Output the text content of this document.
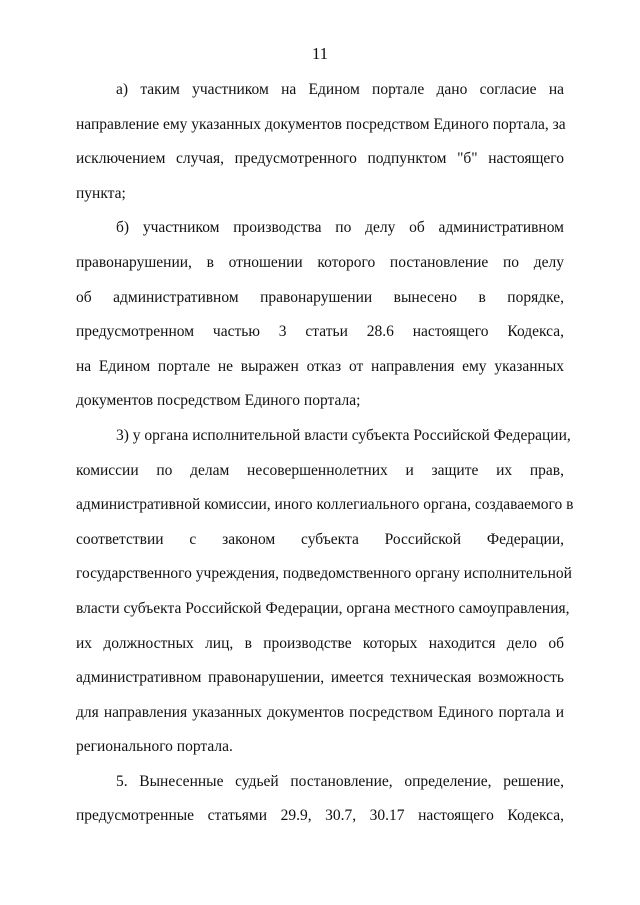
11
а) таким участником на Едином портале дано согласие на
направление ему указанных документов посредством Единого портала, за
исключением случая, предусмотренного подпунктом "б" настоящего
пункта;
б) участником производства по делу об административном
правонарушении, в отношении которого постановление по делу
об административном правонарушении вынесено в порядке,
предусмотренном частью 3 статьи 28.6 настоящего Кодекса,
на Едином портале не выражен отказ от направления ему указанных
документов посредством Единого портала;
3) у органа исполнительной власти субъекта Российской Федерации,
комиссии по делам несовершеннолетних и защите их прав,
административной комиссии, иного коллегиального органа, создаваемого в
соответствии с законом субъекта Российской Федерации,
государственного учреждения, подведомственного органу исполнительной
власти субъекта Российской Федерации, органа местного самоуправления,
их должностных лиц, в производстве которых находится дело об
административном правонарушении, имеется техническая возможность
для направления указанных документов посредством Единого портала и
регионального портала.
5. Вынесенные судьей постановление, определение, решение,
предусмотренные статьями 29.9, 30.7, 30.17 настоящего Кодекса,
